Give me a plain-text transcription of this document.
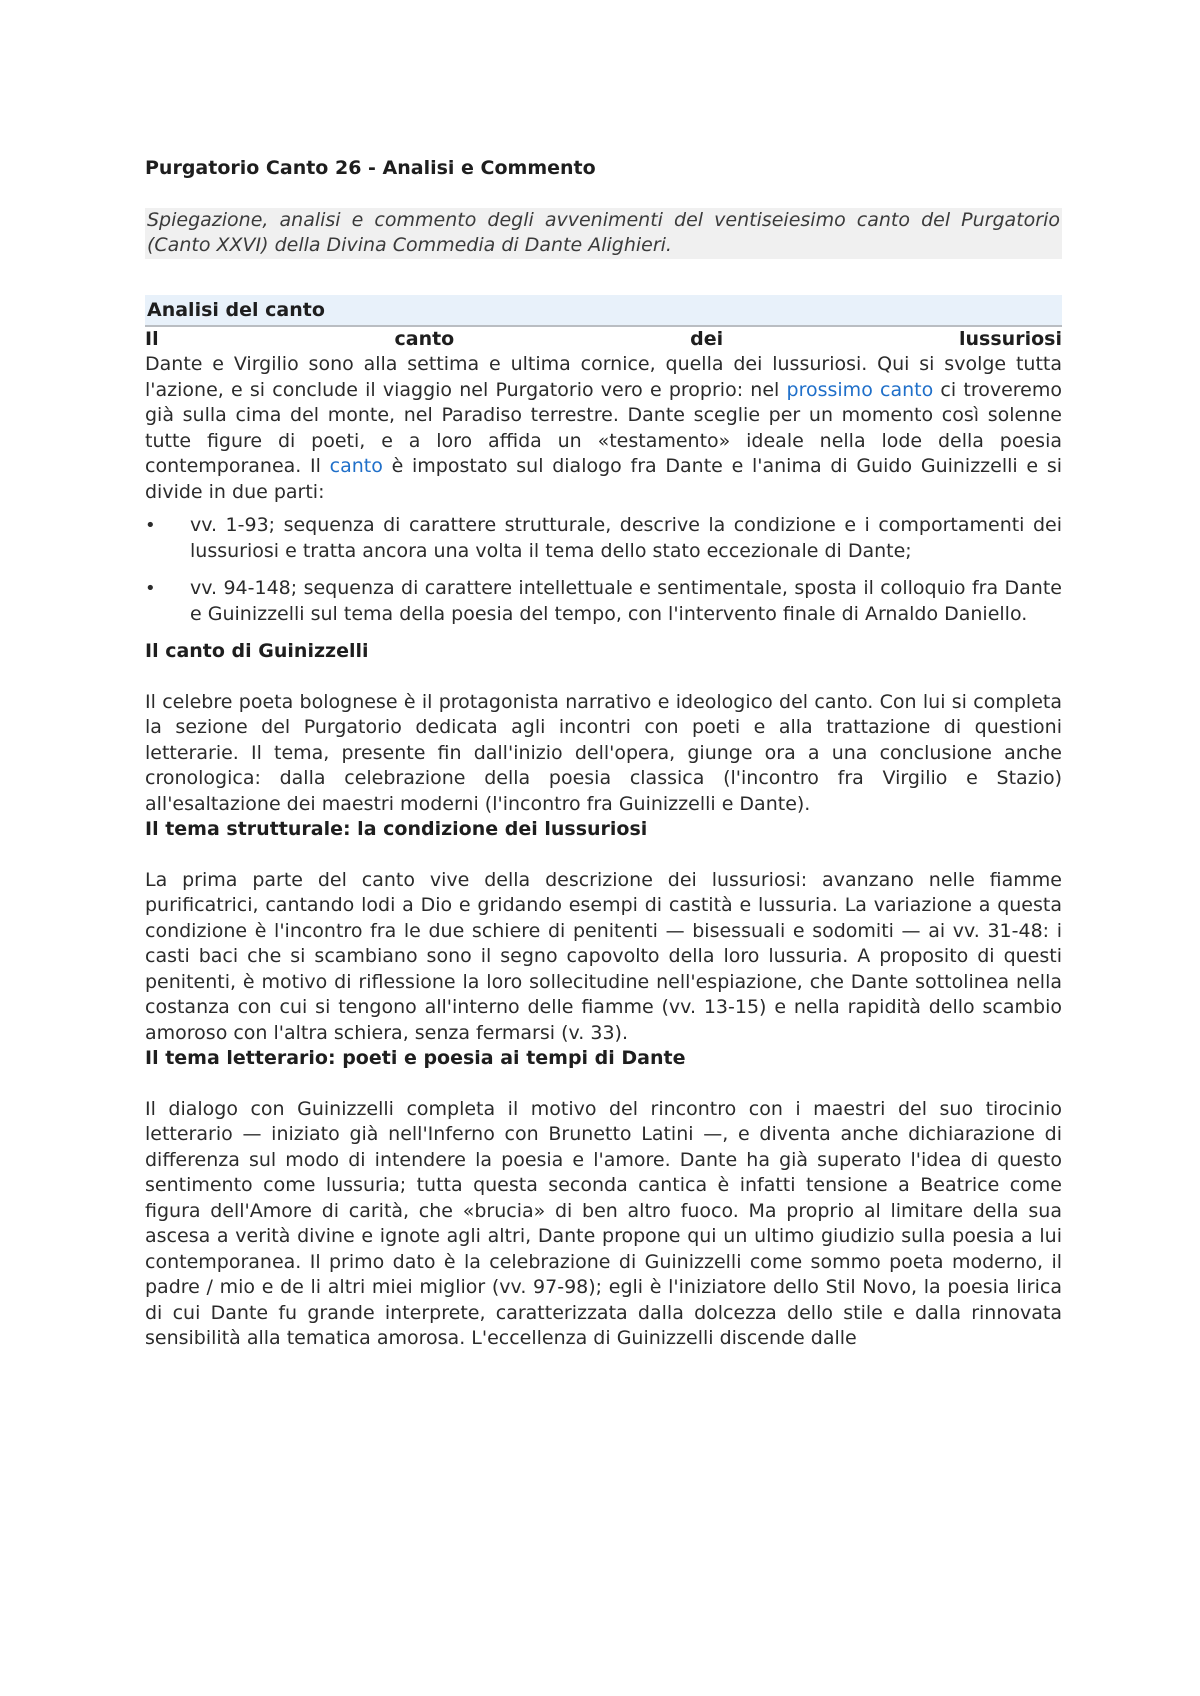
Purgatorio Canto 26 - Analisi e Commento
Spiegazione, analisi e commento degli avvenimenti del ventiseiesimo canto del Purgatorio (Canto XXVI) della Divina Commedia di Dante Alighieri.
Analisi del canto
Il	canto	dei	lussuriosi

Dante e Virgilio sono alla settima e ultima cornice, quella dei lussuriosi. Qui si svolge tutta l'azione, e si conclude il viaggio nel Purgatorio vero e proprio: nel prossimo canto ci troveremo già sulla cima del monte, nel Paradiso terrestre. Dante sceglie per un momento così solenne tutte figure di poeti, e a loro affida un «testamento» ideale nella lode della poesia contemporanea. Il canto è impostato sul dialogo fra Dante e l'anima di Guido Guinizzelli e si divide in due parti:

• vv. 1-93; sequenza di carattere strutturale, descrive la condizione e i comportamenti dei lussuriosi e tratta ancora una volta il tema dello stato eccezionale di Dante;
• vv. 94-148; sequenza di carattere intellettuale e sentimentale, sposta il colloquio fra Dante e Guinizzelli sul tema della poesia del tempo, con l'intervento finale di Arnaldo Daniello.
Il canto di Guinizzelli

Il celebre poeta bolognese è il protagonista narrativo e ideologico del canto. Con lui si completa la sezione del Purgatorio dedicata agli incontri con poeti e alla trattazione di questioni letterarie. Il tema, presente fin dall'inizio dell'opera, giunge ora a una conclusione anche cronologica: dalla celebrazione della poesia classica (l'incontro fra Virgilio e Stazio) all'esaltazione dei maestri moderni (l'incontro fra Guinizzelli e Dante).

Il tema strutturale: la condizione dei lussuriosi

La prima parte del canto vive della descrizione dei lussuriosi: avanzano nelle fiamme purificatrici, cantando lodi a Dio e gridando esempi di castità e lussuria. La variazione a questa condizione è l'incontro fra le due schiere di penitenti — bisessuali e sodomiti — ai vv. 31-48: i casti baci che si scambiano sono il segno capovolto della loro lussuria. A proposito di questi penitenti, è motivo di riflessione la loro sollecitudine nell'espiazione, che Dante sottolinea nella costanza con cui si tengono all'interno delle fiamme (vv. 13-15) e nella rapidità dello scambio amoroso con l'altra schiera, senza fermarsi (v. 33).

Il tema letterario: poeti e poesia ai tempi di Dante

Il dialogo con Guinizzelli completa il motivo del rincontro con i maestri del suo tirocinio letterario — iniziato già nell'Inferno con Brunetto Latini —, e diventa anche dichiarazione di differenza sul modo di intendere la poesia e l'amore. Dante ha già superato l'idea di questo sentimento come lussuria; tutta questa seconda cantica è infatti tensione a Beatrice come figura dell'Amore di carità, che «brucia» di ben altro fuoco. Ma proprio al limitare della sua ascesa a verità divine e ignote agli altri, Dante propone qui un ultimo giudizio sulla poesia a lui contemporanea. Il primo dato è la celebrazione di Guinizzelli come sommo poeta moderno, il padre / mio e de li altri miei miglior (vv. 97-98); egli è l'iniziatore dello Stil Novo, la poesia lirica di cui Dante fu grande interprete, caratterizzata dalla dolcezza dello stile e dalla rinnovata sensibilità alla tematica amorosa. L'eccellenza di Guinizzelli discende dalle
